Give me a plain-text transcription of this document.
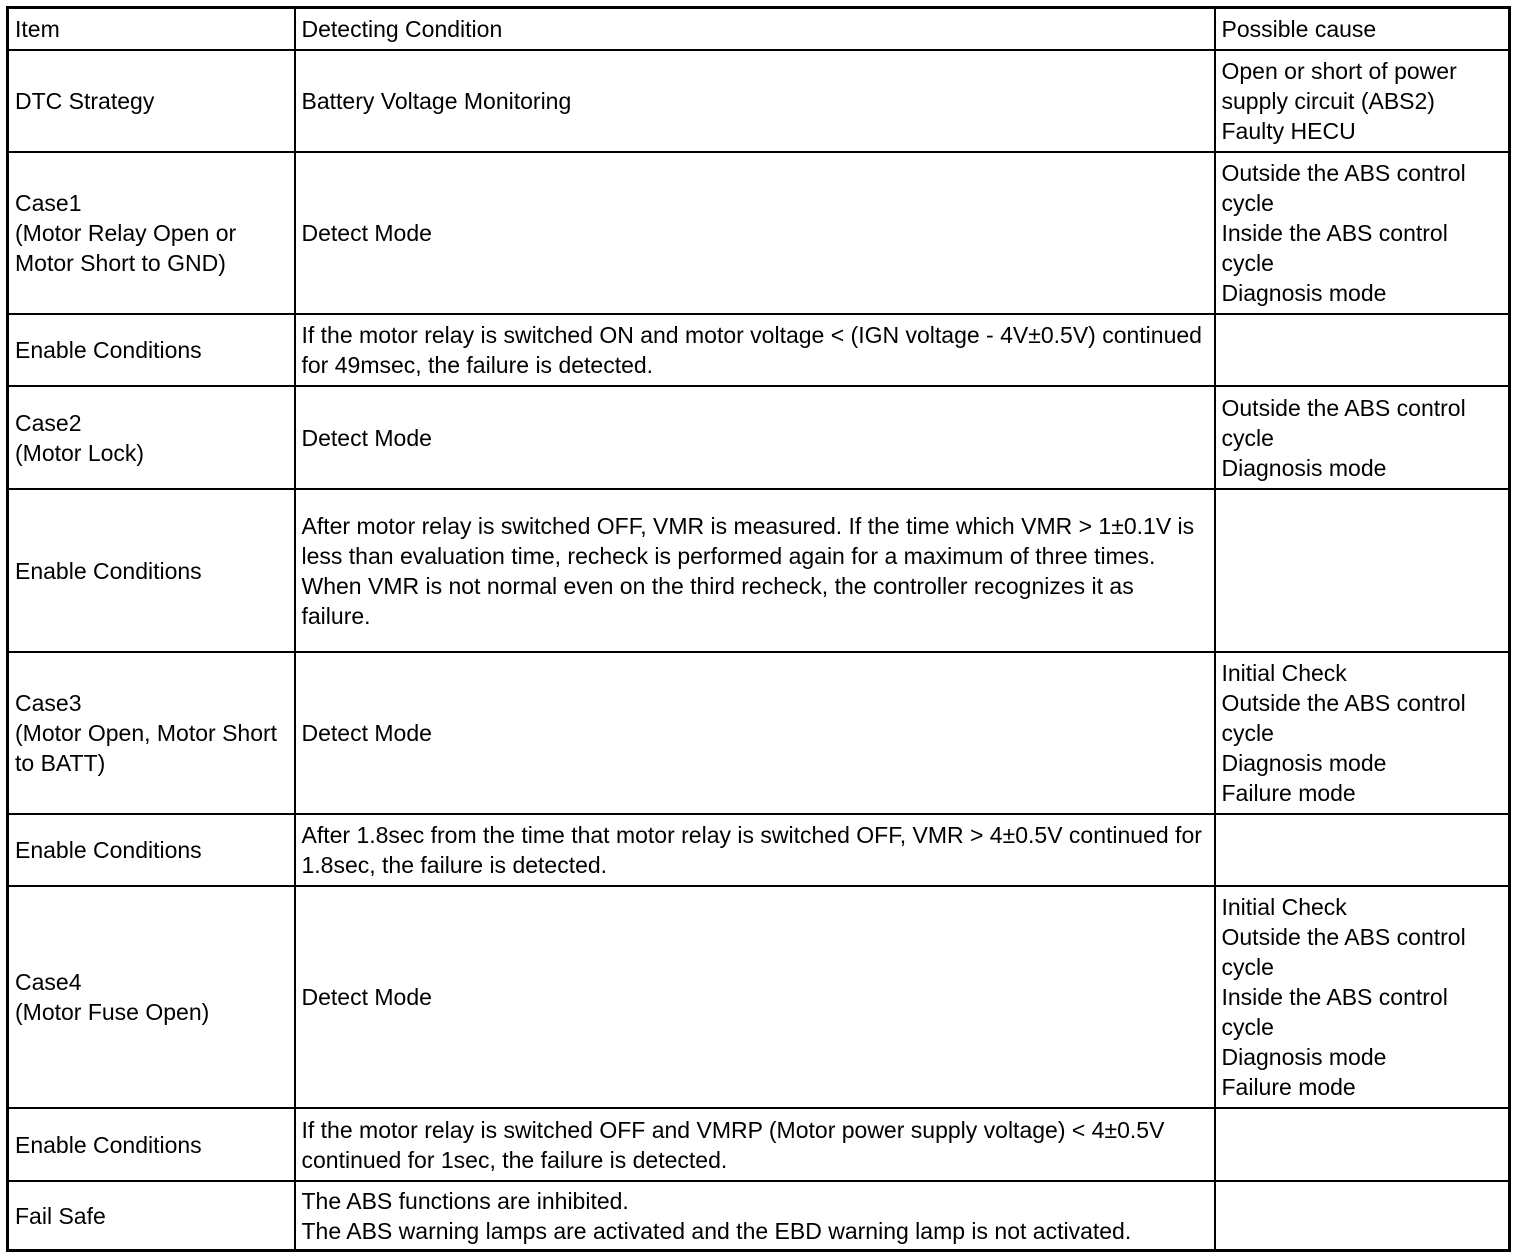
Item	Detecting Condition	Possible cause
DTC Strategy	Battery Voltage Monitoring	Open or short of power supply circuit (ABS2)
Faulty HECU
Case1
(Motor Relay Open or Motor Short to GND)	Detect Mode	Outside the ABS control cycle
Inside the ABS control cycle
Diagnosis mode
Enable Conditions	If the motor relay is switched ON and motor voltage < (IGN voltage - 4V±0.5V) continued for 49msec, the failure is detected.	
Case2
(Motor Lock)	Detect Mode	Outside the ABS control cycle
Diagnosis mode
Enable Conditions	After motor relay is switched OFF, VMR is measured. If the time which VMR > 1±0.1V is less than evaluation time, recheck is performed again for a maximum of three times.
When VMR is not normal even on the third recheck, the controller recognizes it as failure.	
Case3
(Motor Open, Motor Short to BATT)	Detect Mode	Initial Check
Outside the ABS control cycle
Diagnosis mode
Failure mode
Enable Conditions	After 1.8sec from the time that motor relay is switched OFF, VMR > 4±0.5V continued for 1.8sec, the failure is detected.	
Case4
(Motor Fuse Open)	Detect Mode	Initial Check
Outside the ABS control cycle
Inside the ABS control cycle
Diagnosis mode
Failure mode
Enable Conditions	If the motor relay is switched OFF and VMRP (Motor power supply voltage) < 4±0.5V continued for 1sec, the failure is detected.	
Fail Safe	The ABS functions are inhibited.
The ABS warning lamps are activated and the EBD warning lamp is not activated.	
